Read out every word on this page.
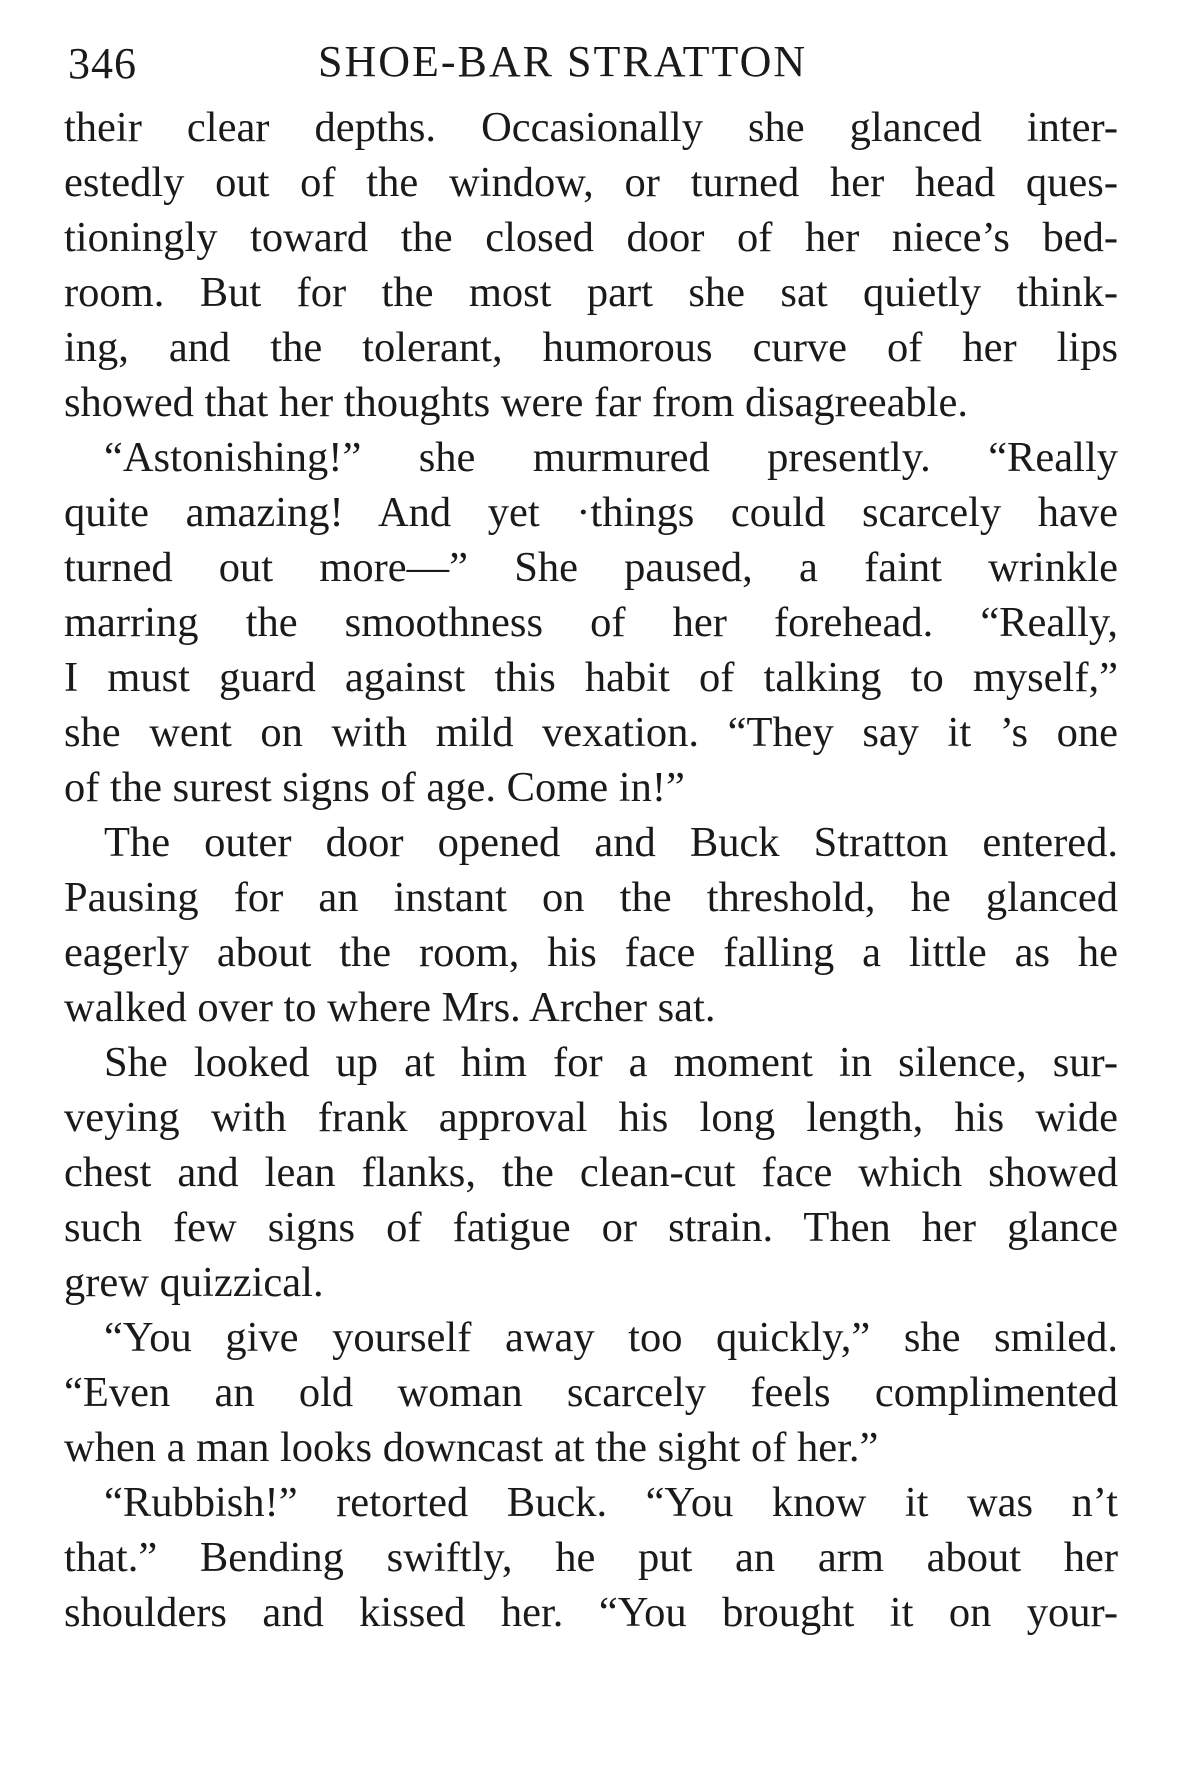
346	SHOE-BAR STRATTON

their clear depths. Occasionally she glanced inter-
estedly out of the window, or turned her head ques-
tioningly toward the closed door of her niece’s bed-
room. But for the most part she sat quietly think-
ing, and the tolerant, humorous curve of her lips
showed that her thoughts were far from disagreeable.

“Astonishing!” she murmured presently. “Really
quite amazing! And yet ·things could scarcely have
turned out more—” She paused, a faint wrinkle
marring the smoothness of her forehead. “Really,
I must guard against this habit of talking to myself,”
she went on with mild vexation. “They say it ’s one
of the surest signs of age. Come in!”

The outer door opened and Buck Stratton entered.
Pausing for an instant on the threshold, he glanced
eagerly about the room, his face falling a little as he
walked over to where Mrs. Archer sat.

She looked up at him for a moment in silence, sur-
veying with frank approval his long length, his wide
chest and lean flanks, the clean-cut face which showed
such few signs of fatigue or strain. Then her glance
grew quizzical.

“You give yourself away too quickly,” she smiled.
“Even an old woman scarcely feels complimented
when a man looks downcast at the sight of her.”

“Rubbish!” retorted Buck. “You know it was n’t
that.” Bending swiftly, he put an arm about her
shoulders and kissed her. “You brought it on your-
